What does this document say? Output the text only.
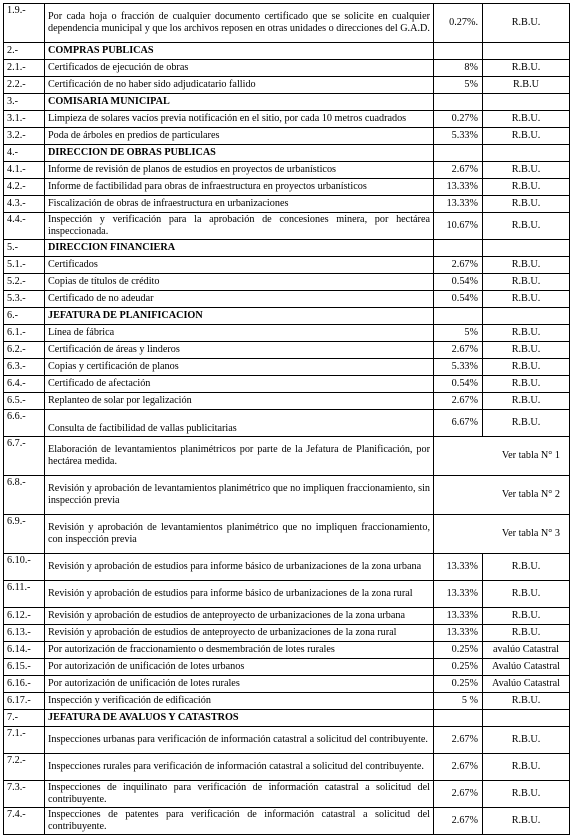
1.9.-	Por cada hoja o fracción de cualquier documento certificado que se solicite en cualquier dependencia municipal y que los archivos reposen en otras unidades o direcciones del G.A.D.	0.27%.	R.B.U.
2.-	COMPRAS PUBLICAS		
2.1.-	Certificados de ejecución de obras	8%	R.B.U.
2.2.-	Certificación de no haber sido adjudicatario fallido	5%	R.B.U
3.-	COMISARIA MUNICIPAL		
3.1.-	Limpieza de solares vacíos previa notificación en el sitio, por cada 10 metros cuadrados	0.27%	R.B.U.
3.2.-	Poda de árboles en predios de particulares	5.33%	R.B.U.
4.-	DIRECCION DE OBRAS PUBLICAS		
4.1.-	Informe de revisión de planos de estudios en proyectos de urbanísticos	2.67%	R.B.U.
4.2.-	Informe de factibilidad para obras de infraestructura en proyectos urbanísticos	13.33%	R.B.U.
4.3.-	Fiscalización de obras de infraestructura en urbanizaciones	13.33%	R.B.U.
4.4.-	Inspección y verificación para la aprobación de concesiones minera, por hectárea inspeccionada.	10.67%	R.B.U.
5.-	DIRECCION FINANCIERA		
5.1.-	Certificados	2.67%	R.B.U.
5.2.-	Copias de títulos de crédito	0.54%	R.B.U.
5.3.-	Certificado de no adeudar	0.54%	R.B.U.
6.-	JEFATURA DE PLANIFICACION		
6.1.-	Línea de fábrica	5%	R.B.U.
6.2.-	Certificación de áreas y linderos	2.67%	R.B.U.
6.3.-	Copias y certificación de planos	5.33%	R.B.U.
6.4.-	Certificado de afectación	0.54%	R.B.U.
6.5.-	Replanteo de solar por legalización	2.67%	R.B.U.
6.6.-	Consulta de factibilidad de vallas publicitarias	6.67%	R.B.U.
6.7.-	Elaboración de levantamientos planimétricos por parte de la Jefatura de Planificación, por hectárea medida.	Ver tabla N° 1	
6.8.-	Revisión y aprobación de levantamientos planimétrico que no impliquen fraccionamiento, sin inspección previa	Ver tabla N° 2	
6.9.-	Revisión y aprobación de levantamientos planimétrico que no impliquen fraccionamiento, con inspección previa	Ver tabla N° 3	
6.10.-	Revisión y aprobación de estudios para informe básico de urbanizaciones de la zona urbana	13.33%	R.B.U.
6.11.-	Revisión y aprobación de estudios para informe básico de urbanizaciones de la zona rural	13.33%	R.B.U.
6.12.-	Revisión y aprobación de estudios de anteproyecto de urbanizaciones de la zona urbana	13.33%	R.B.U.
6.13.-	Revisión y aprobación de estudios de anteproyecto de urbanizaciones de la zona rural	13.33%	R.B.U.
6.14.-	Por autorización de fraccionamiento o desmembración de lotes rurales	0.25%	avalúo Catastral
6.15.-	Por autorización de unificación de lotes urbanos	0.25%	Avalúo Catastral
6.16.-	Por autorización de unificación de lotes rurales	0.25%	Avalúo Catastral
6.17.-	Inspección y verificación de edificación	5 %	R.B.U.
7.-	JEFATURA DE AVALUOS Y CATASTROS		
7.1.-	Inspecciones urbanas para verificación de información catastral a solicitud del contribuyente.	2.67%	R.B.U.
7.2.-	Inspecciones rurales para verificación de información catastral a solicitud del contribuyente.	2.67%	R.B.U.
7.3.-	Inspecciones de inquilinato para verificación de información catastral a solicitud del contribuyente.	2.67%	R.B.U.
7.4.-	Inspecciones de patentes para verificación de información catastral a solicitud del contribuyente.	2.67%	R.B.U.
